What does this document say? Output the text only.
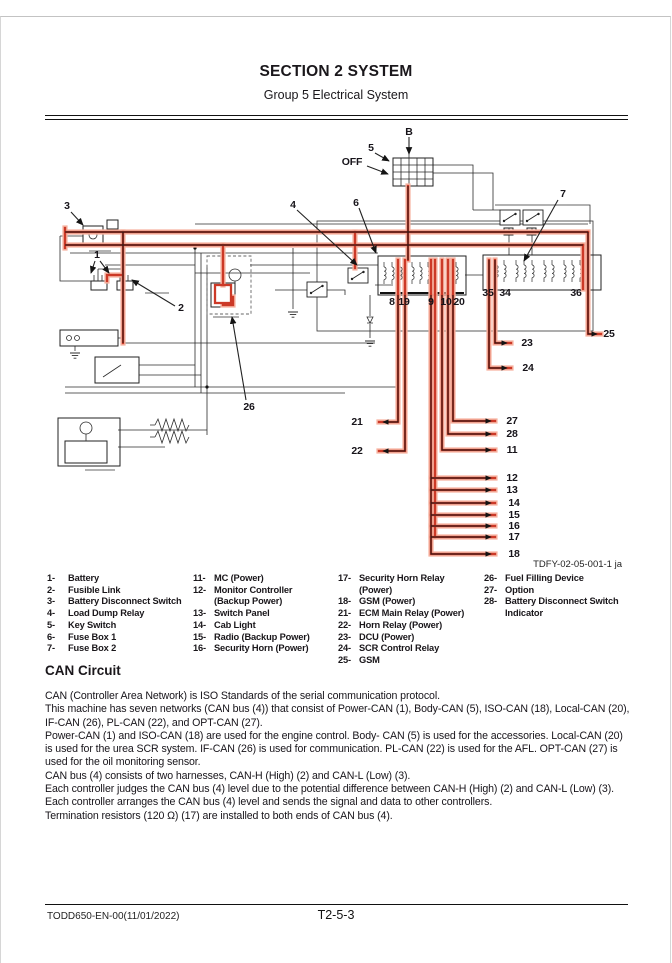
SECTION 2 SYSTEM
Group 5 Electrical System
B
5
OFF
3	4	6
7
1
2
26
8 19 9 10 20
35 34	36
21
22
23
24
25
27
28
11
12
13
14
15
16
17
18
TDFY-02-05-001-1 ja
1-	Battery
2-	Fusible Link
3-	Battery Disconnect Switch
4-	Load Dump Relay
5-	Key Switch
6-	Fuse Box 1
7-	Fuse Box 2
11- MC (Power)
12- Monitor Controller (Backup Power)
13- Switch Panel
14- Cab Light
15- Radio (Backup Power)
16- Security Horn (Power)
17- Security Horn Relay (Power)
18- GSM (Power)
21- ECM Main Relay (Power)
22- Horn Relay (Power)
23- DCU (Power)
24- SCR Control Relay
25- GSM
26- Fuel Filling Device
27- Option
28- Battery Disconnect Switch Indicator
CAN Circuit

CAN (Controller Area Network) is ISO Standards of the serial communication protocol.

This machine has seven networks (CAN bus (4)) that consist of Power-CAN (1), Body-CAN (5), ISO-CAN (18), Local-CAN (20), IF-CAN (26), PL-CAN (22), and OPT-CAN (27).

Power-CAN (1) and ISO-CAN (18) are used for the engine control. Body- CAN (5) is used for the accessories. Local-CAN (20) is used for the urea SCR system. IF-CAN (26) is used for communication. PL-CAN (22) is used for the AFL. OPT-CAN (27) is used for the oil monitoring sensor.

CAN bus (4) consists of two harnesses, CAN-H (High) (2) and CAN-L (Low) (3).

Each controller judges the CAN bus (4) level due to the potential difference between CAN-H (High) (2) and CAN-L (Low) (3).

Each controller arranges the CAN bus (4) level and sends the signal and data to other controllers.

Termination resistors (120 Ω) (17) are installed to both ends of CAN bus (4).

TODD650-EN-00(11/01/2022)	T2-5-3
